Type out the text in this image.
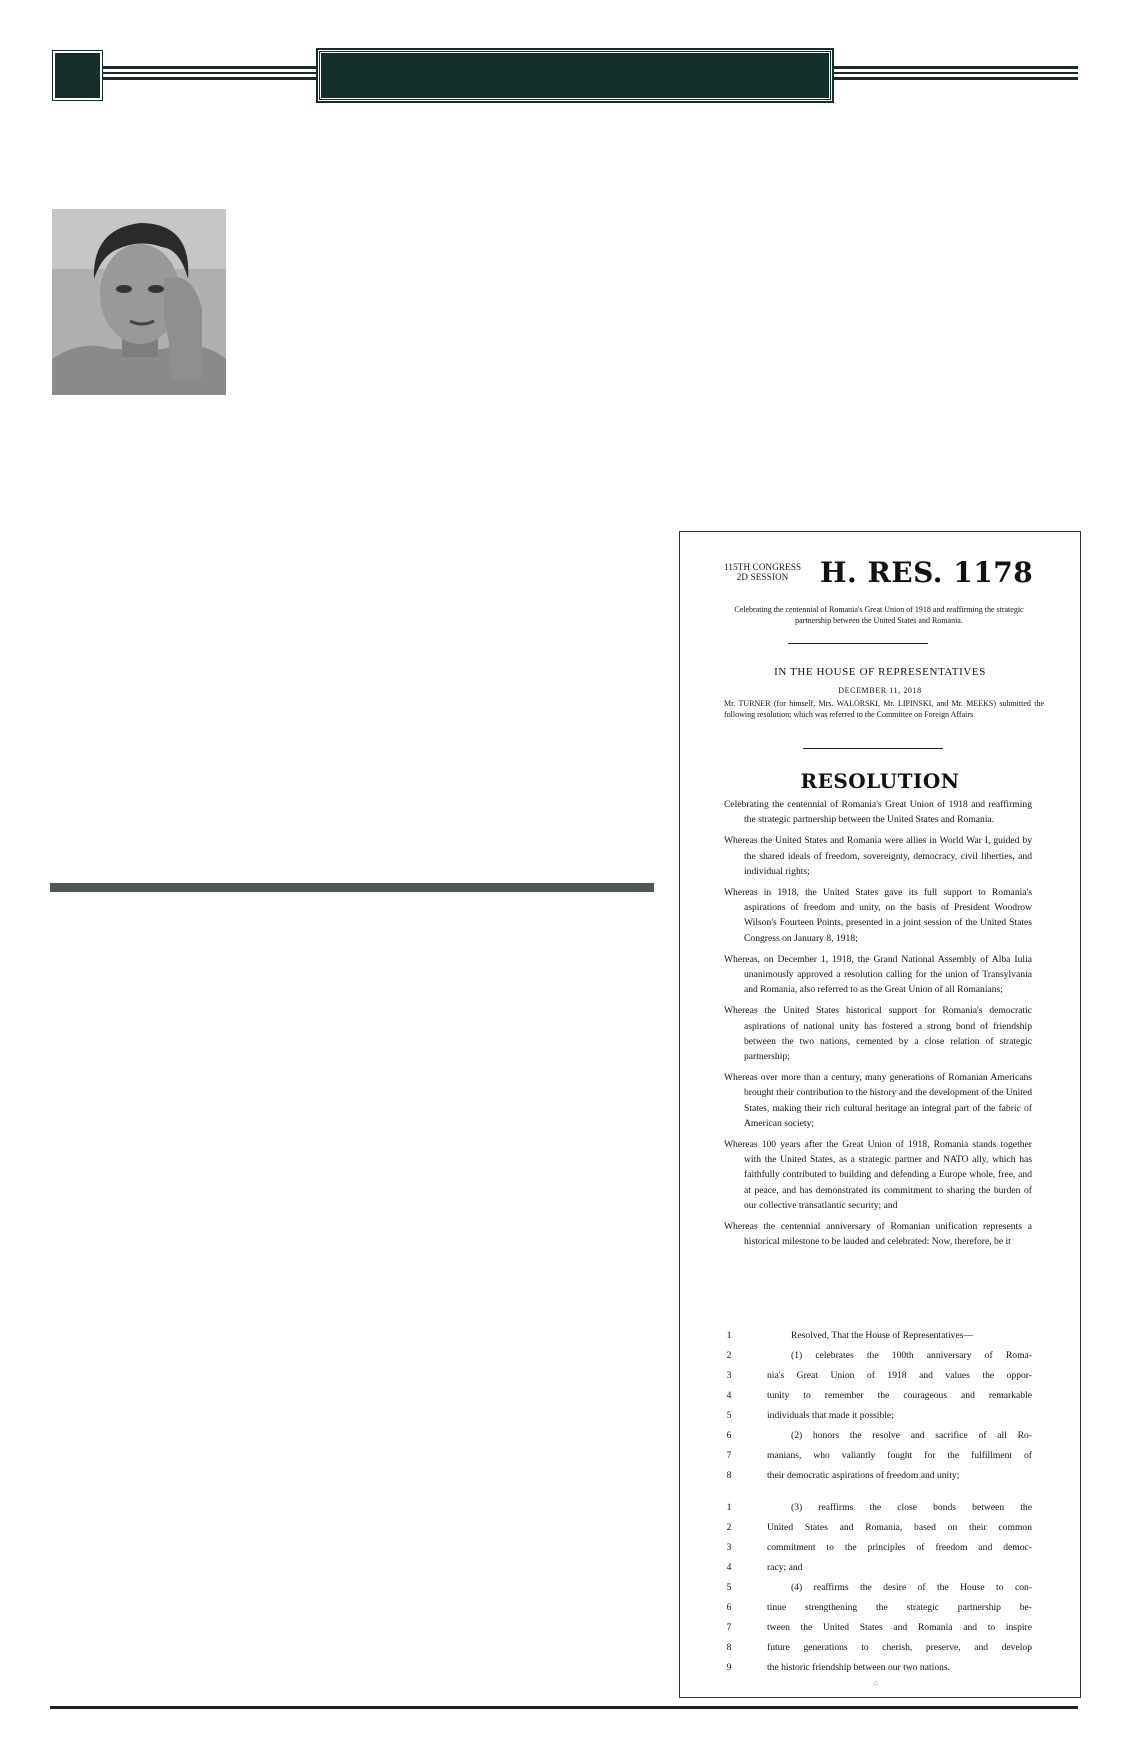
115TH CONGRESS
2D SESSION	H. RES. 1178
Celebrating the centennial of Romania's Great Union of 1918 and reaffirming the strategic partnership between the United States and Romania.
IN THE HOUSE OF REPRESENTATIVES
DECEMBER 11, 2018
Mr. TURNER (for himself, Mrs. WALORSKI, Mr. LIPINSKI, and Mr. MEEKS) submitted the following resolution; which was referred to the Committee on Foreign Affairs
RESOLUTION

Celebrating the centennial of Romania's Great Union of 1918 and reaffirming the strategic partnership between the United States and Romania.

Whereas the United States and Romania were allies in World War I, guided by the shared ideals of freedom, sovereignty, democracy, civil liberties, and individual rights;

Whereas in 1918, the United States gave its full support to Romania's aspirations of freedom and unity, on the basis of President Woodrow Wilson's Fourteen Points, presented in a joint session of the United States Congress on January 8, 1918;

Whereas, on December 1, 1918, the Grand National Assembly of Alba Iulia unanimously approved a resolution calling for the union of Transylvania and Romania, also referred to as the Great Union of all Romanians;

Whereas the United States historical support for Romania's democratic aspirations of national unity has fostered a strong bond of friendship between the two nations, cemented by a close relation of strategic partnership;

Whereas over more than a century, many generations of Romanian Americans brought their contribution to the history and the development of the United States, making their rich cultural heritage an integral part of the fabric of American society;

Whereas 100 years after the Great Union of 1918, Romania stands together with the United States, as a strategic partner and NATO ally, which has faithfully contributed to building and defending a Europe whole, free, and at peace, and has demonstrated its commitment to sharing the burden of our collective transatlantic security; and

Whereas the centennial anniversary of Romanian unification represents a historical milestone to be lauded and celebrated: Now, therefore, be it

1	Resolved, That the House of Representatives—
2	(1) celebrates the 100th anniversary of Roma-
3	nia's Great Union of 1918 and values the oppor-
4	tunity to remember the courageous and remarkable
5	individuals that made it possible;
6	(2) honors the resolve and sacrifice of all Ro-
7	manians, who valiantly fought for the fulfillment of
8	their democratic aspirations of freedom and unity;
1	(3) reaffirms the close bonds between the
2	United States and Romania, based on their common
3	commitment to the principles of freedom and democ-
4	racy; and
5	(4) reaffirms the desire of the House to con-
6	tinue strengthening the strategic partnership be-
7	tween the United States and Romania and to inspire
8	future generations to cherish, preserve, and develop
9	the historic friendship between our two nations.
○
